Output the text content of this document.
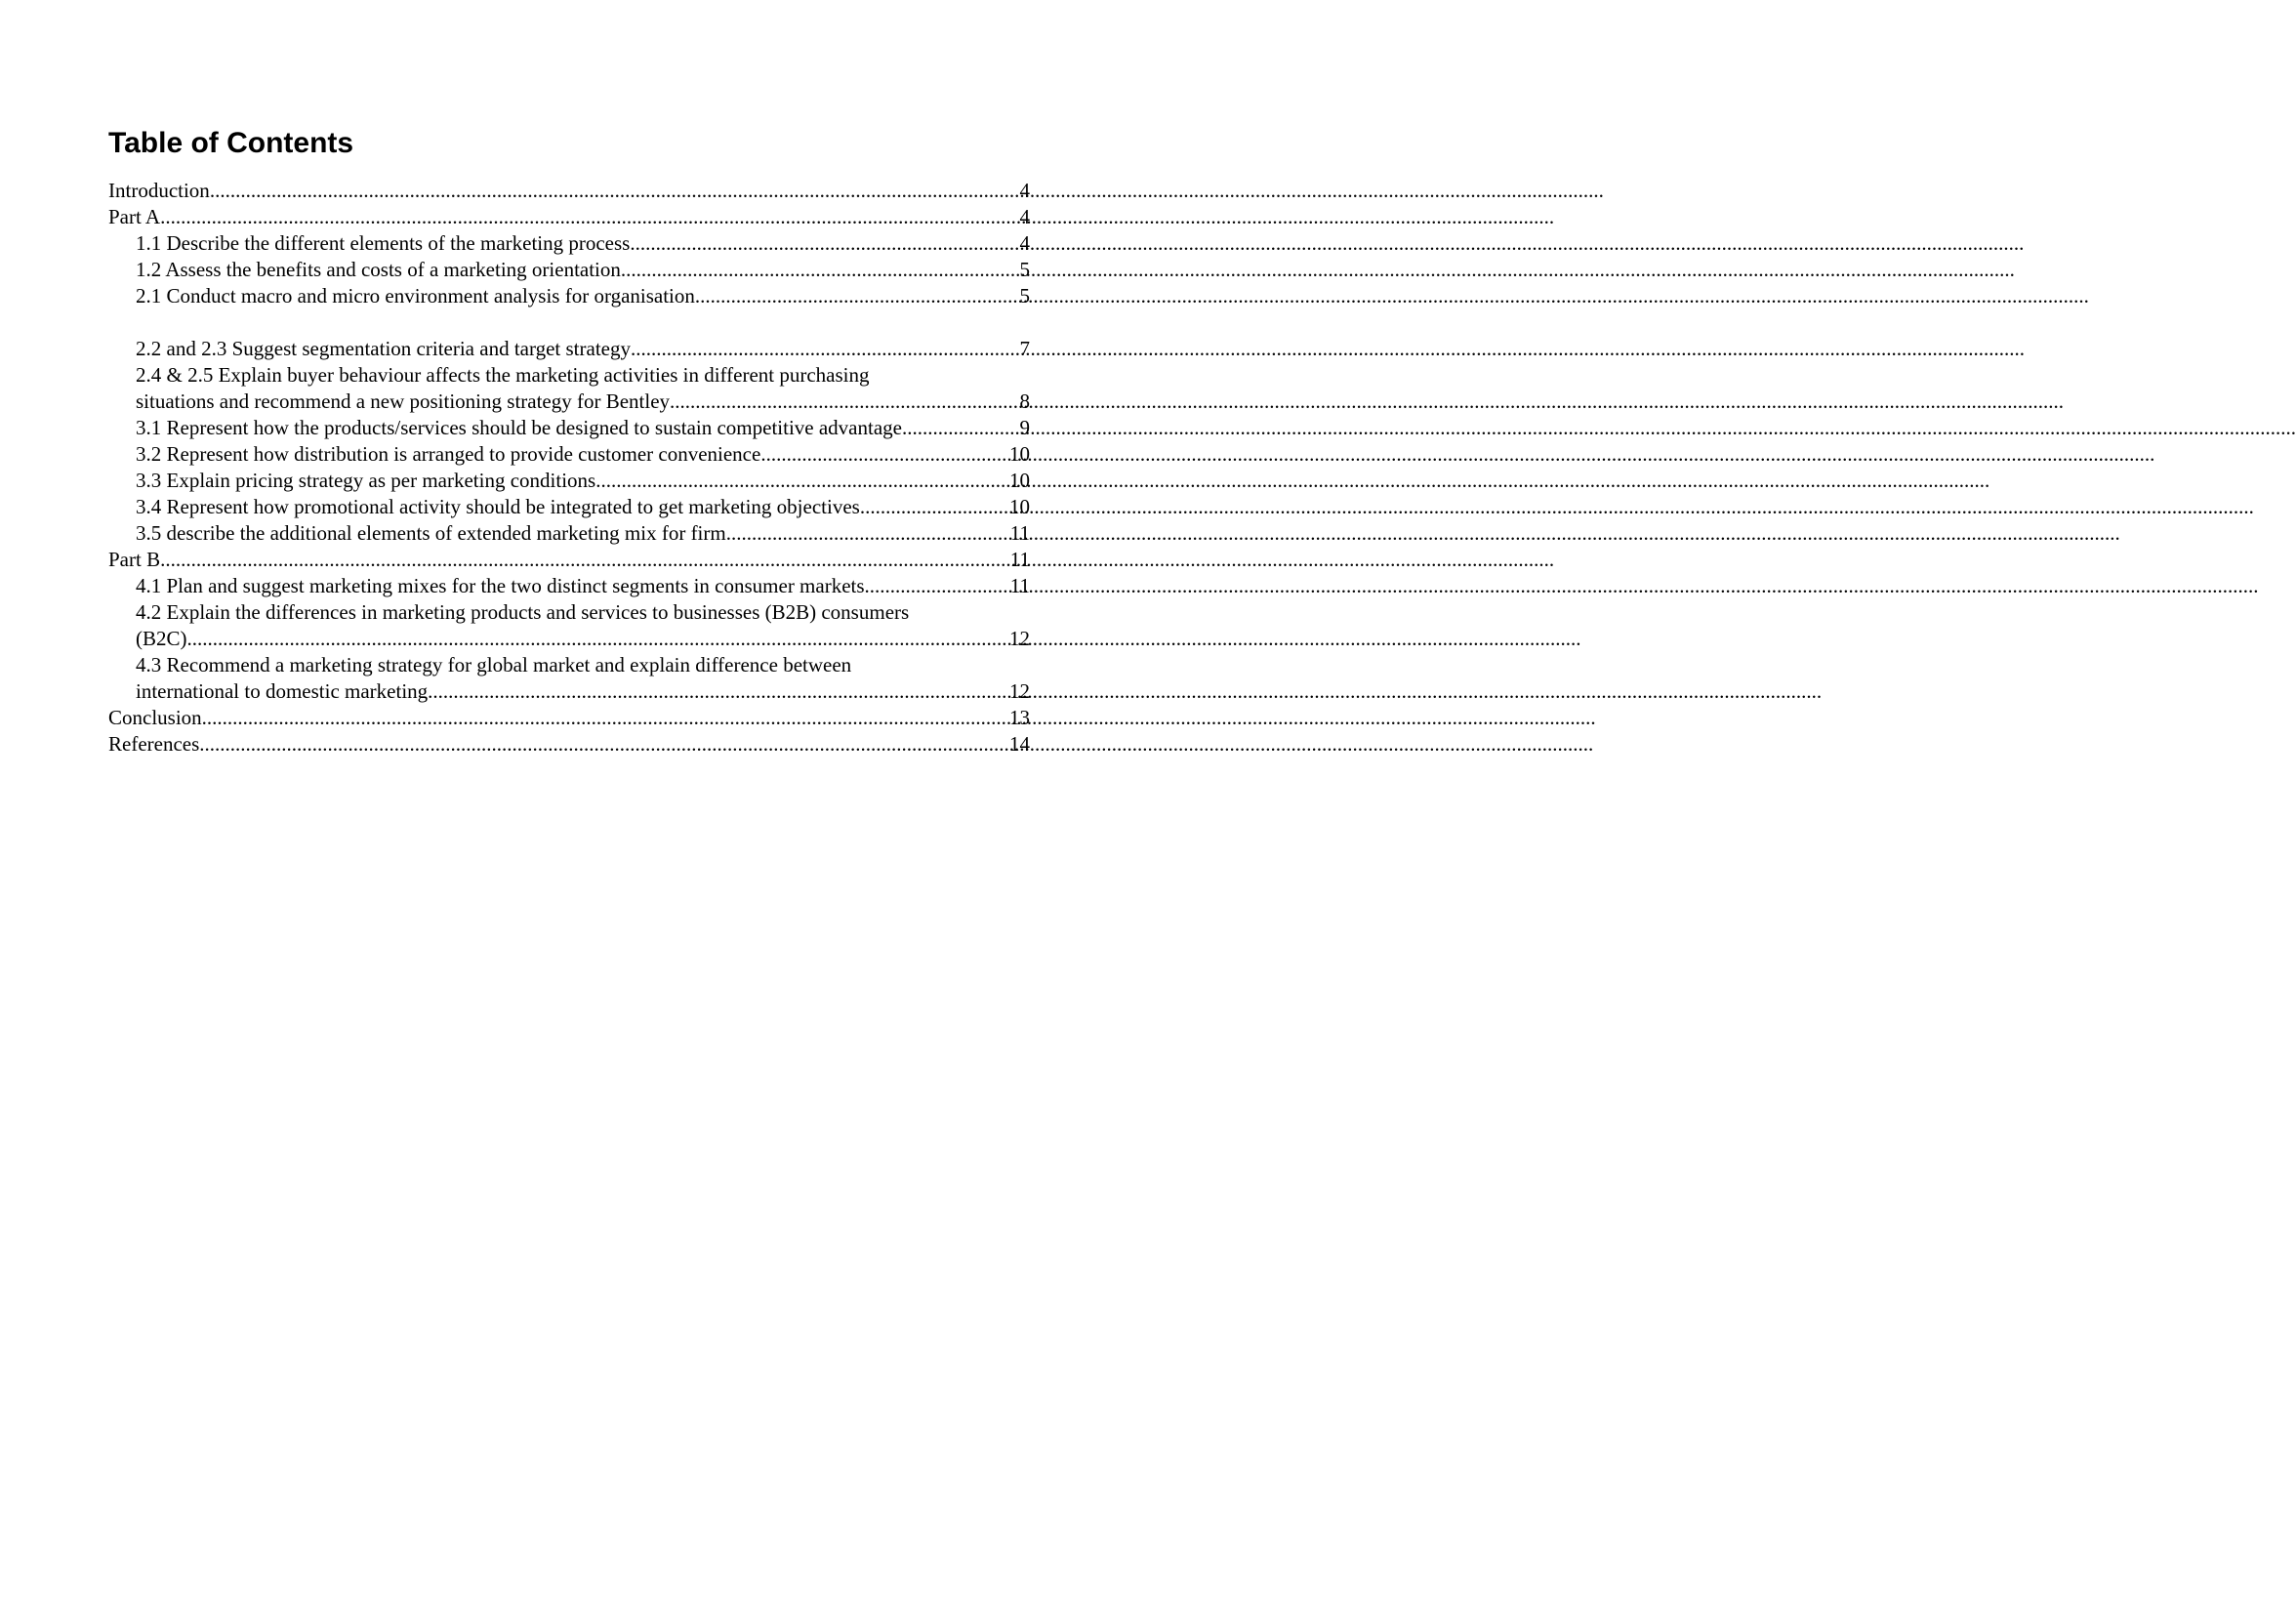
Table of Contents
Introduction .....	4
Part A .....	4
1.1 Describe the different elements of the marketing process .....	4
1.2 Assess the benefits and costs of a marketing orientation .....	5
2.1 Conduct macro and micro environment analysis for organisation .....	5
2.2 and 2.3 Suggest segmentation criteria and target strategy .....	7
2.4 & 2.5 Explain buyer behaviour affects the marketing activities in different purchasing
situations and recommend a new positioning strategy for Bentley .....	8
3.1 Represent how the products/services should be designed to sustain competitive advantage .....	9
3.2 Represent how distribution is arranged to provide customer convenience .....	10
3.3 Explain pricing strategy as per marketing conditions .....	10
3.4 Represent how promotional activity should be integrated to get marketing objectives .....	10
3.5 describe the additional elements of extended marketing mix for firm .....	11
Part B .....	11
4.1 Plan and suggest marketing mixes for the two distinct segments in consumer markets .....	11
4.2 Explain the differences in marketing products and services to businesses (B2B) consumers
(B2C) .....	12
4.3 Recommend a marketing strategy for global market and explain difference between
international to domestic marketing .....	12
Conclusion .....	13
References .....	14
